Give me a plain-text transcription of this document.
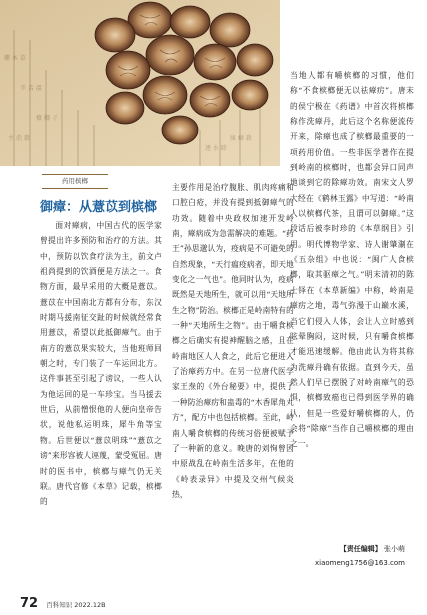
藥 本 草
辛 苦 溫
檳 榔 子
主 消 穀
逐 水 除
痰 癖 殺
药用槟榔
御瘴：从薏苡到槟榔

面对瘴病，中国古代的医学家曾提出许多预防和治疗的方法。其中，预防以饮食疗法为主，前文卢祖尚提到的饮酒便是方法之一。食物方面，最早采用的大概是薏苡。薏苡在中国南北方都有分布，东汉时期马援南征交趾的时候就经常食用薏苡，希望以此抵御瘴气。由于南方的薏苡果实较大，当他班师回朝之时，专门装了一车运回北方。这件事甚至引起了谤议，一些人认为他运回的是一车珍宝。当马援去世后，从前憎恨他的人便向皇帝告状，说他私运明珠，犀牛角等宝物。后世便以“薏苡明珠”“薏苡之谤”来形容被人诬蔑，蒙受冤屈。唐时的医书中，槟榔与瘴气仍无关联。唐代官修《本草》记载，槟榔的

主要作用是治疗腹胀、肌肉疼痛和口腔白疮，并没有提到抵御瘴气的功效。随着中央政权加速开发岭南，瘴病成为急需解决的难题。“药王”孙思邈认为，疫病是不可避免的自然现象，“天行瘟疫病者，即天地变化之一气也”。他同时认为，疫病既然是天地所生，就可以用“天地所生之物”防治。槟榔正是岭南特有的一种“天地所生之物”。由于嚼食槟榔之后确实有提神醒脑之感，且在岭南地区人人食之，此后它便进入了治瘴药方中。在另一位唐代医学家王焘的《外台秘要》中，提供了一种防治瘴疠和蛊毒的“木香犀角丸方”，配方中也包括槟榔。至此，岭南人嚼食槟榔的传统习俗便被赋予了一种新的意义。晚唐的刘恂曾因中原战乱在岭南生活多年，在他的《岭表录异》中提及交州气候炎热，

当地人都有嚼槟榔的习惯，他们称“不食槟榔便无以祛瘴疠”。唐末的侯宁极在《药谱》中首次将槟榔称作洗瘴丹，此后这个名称便流传开来，除瘴也成了槟榔最重要的一项药用价值。一些非医学著作在提到岭南的槟榔时，也都会异口同声地谈到它的除瘴功效。南宋文人罗大经在《鹤林玉露》中写道：“岭南人以槟榔代茶，且谓可以御瘴。”这段话后被李时珍的《本草纲目》引用。明代博物学家、诗人谢肇淛在《五杂组》中也说：“闽广人食槟榔，取其驱瘴之气。”明末清初的陈士铎在《本草新编》中称，岭南是瘴疠之地，毒气弥漫于山巅水溪，当它们侵入人体，会让人立时感到眩晕胸闷，这时候，只有嚼食槟榔才能迅速缓解。他由此认为将其称为洗瘴丹确有依据。直到今天，虽然人们早已摆脱了对岭南瘴气的恐惧，槟榔致癌也已得到医学界的确认，但是一些爱好嚼槟榔的人，仍会将“除瘴”当作自己嚼槟榔的理由之一。

【责任编辑】 张小萌
xiaomeng1756@163.com
72 百科知识 2022.12B
